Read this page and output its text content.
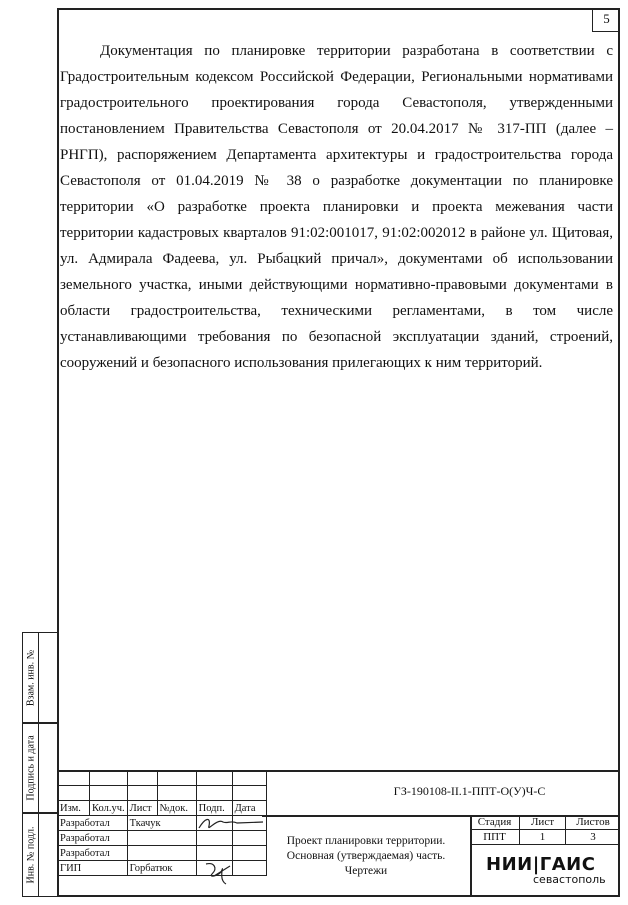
5

Документация по планировке территории разработана в соответствии с Градостроительным кодексом Российской Федерации, Региональными нормативами градостроительного проектирования города Севастополя, утвержденными постановлением Правительства Севастополя от 20.04.2017 № 317-ПП (далее – РНГП), распоряжением Департамента архитектуры и градостроительства города Севастополя от 01.04.2019 № 38 о разработке документации по планировке территории «О разработке проекта планировки и проекта межевания части территории кадастровых кварталов 91:02:001017, 91:02:002012 в районе ул. Щитовая, ул. Адмирала Фадеева, ул. Рыбацкий причал», документами об использовании земельного участка, иными действующими нормативно-правовыми документами в области градостроительства, техническими регламентами, в том числе устанавливающими требования по безопасной эксплуатации зданий, строений, сооружений и безопасного использования прилегающих к ним территорий.

Взам. инв. №
Подпись и дата
Инв. № подл.

Изм.	Кол.уч.	Лист	№док.	Подп.	Дата
Разработал		Ткачук			
Разработал					
Разработал					
ГИП		Горбатюк			
ГЗ-190108-II.1-ППТ-О(У)Ч-С
Проект планировки территории.
Основная (утверждаемая) часть.
Чертежи
Стадия	Лист	Листов
ППТ	1	3
НИИ|ГАИС
севастополь
